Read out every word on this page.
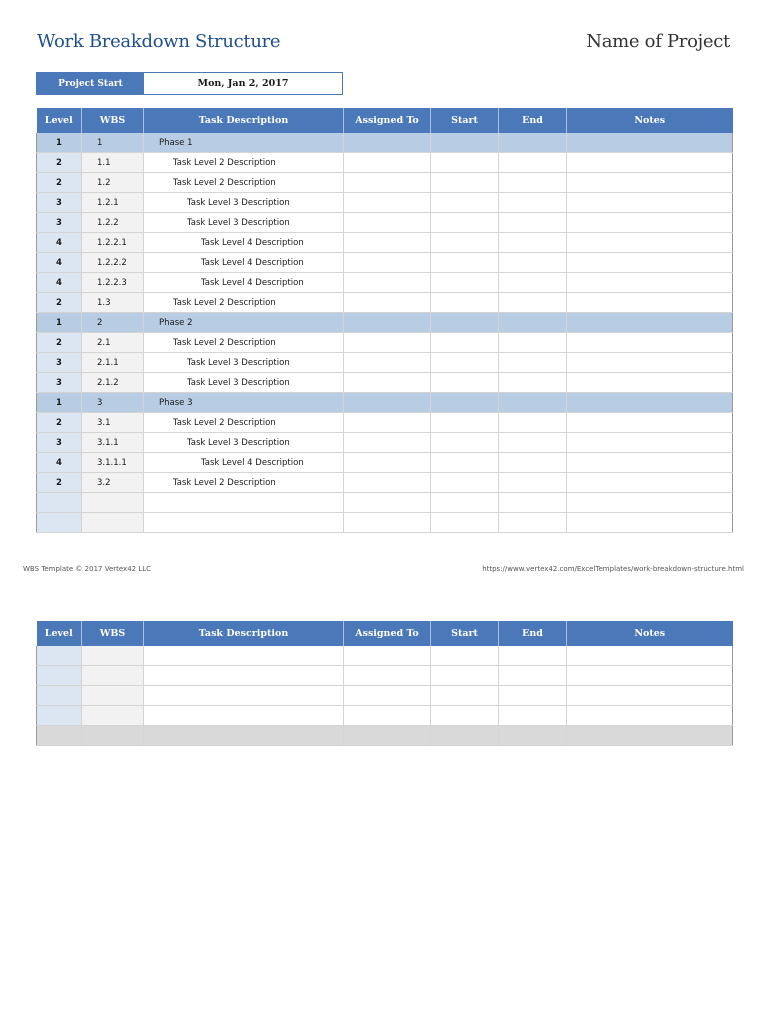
Work Breakdown Structure	Name of Project
Project Start	Mon, Jan 2, 2017
Level	WBS	Task Description	Assigned To	Start	End	Notes
1	1	Phase 1				
2	1.1	Task Level 2 Description				
2	1.2	Task Level 2 Description				
3	1.2.1	Task Level 3 Description				
3	1.2.2	Task Level 3 Description				
4	1.2.2.1	Task Level 4 Description				
4	1.2.2.2	Task Level 4 Description				
4	1.2.2.3	Task Level 4 Description				
2	1.3	Task Level 2 Description				
1	2	Phase 2				
2	2.1	Task Level 2 Description				
3	2.1.1	Task Level 3 Description				
3	2.1.2	Task Level 3 Description				
1	3	Phase 3				
2	3.1	Task Level 2 Description				
3	3.1.1	Task Level 3 Description				
4	3.1.1.1	Task Level 4 Description				
2	3.2	Task Level 2 Description				

WBS Template © 2017 Vertex42 LLC	https://www.vertex42.com/ExcelTemplates/work-breakdown-structure.html
Level	WBS	Task Description	Assigned To	Start	End	Notes
